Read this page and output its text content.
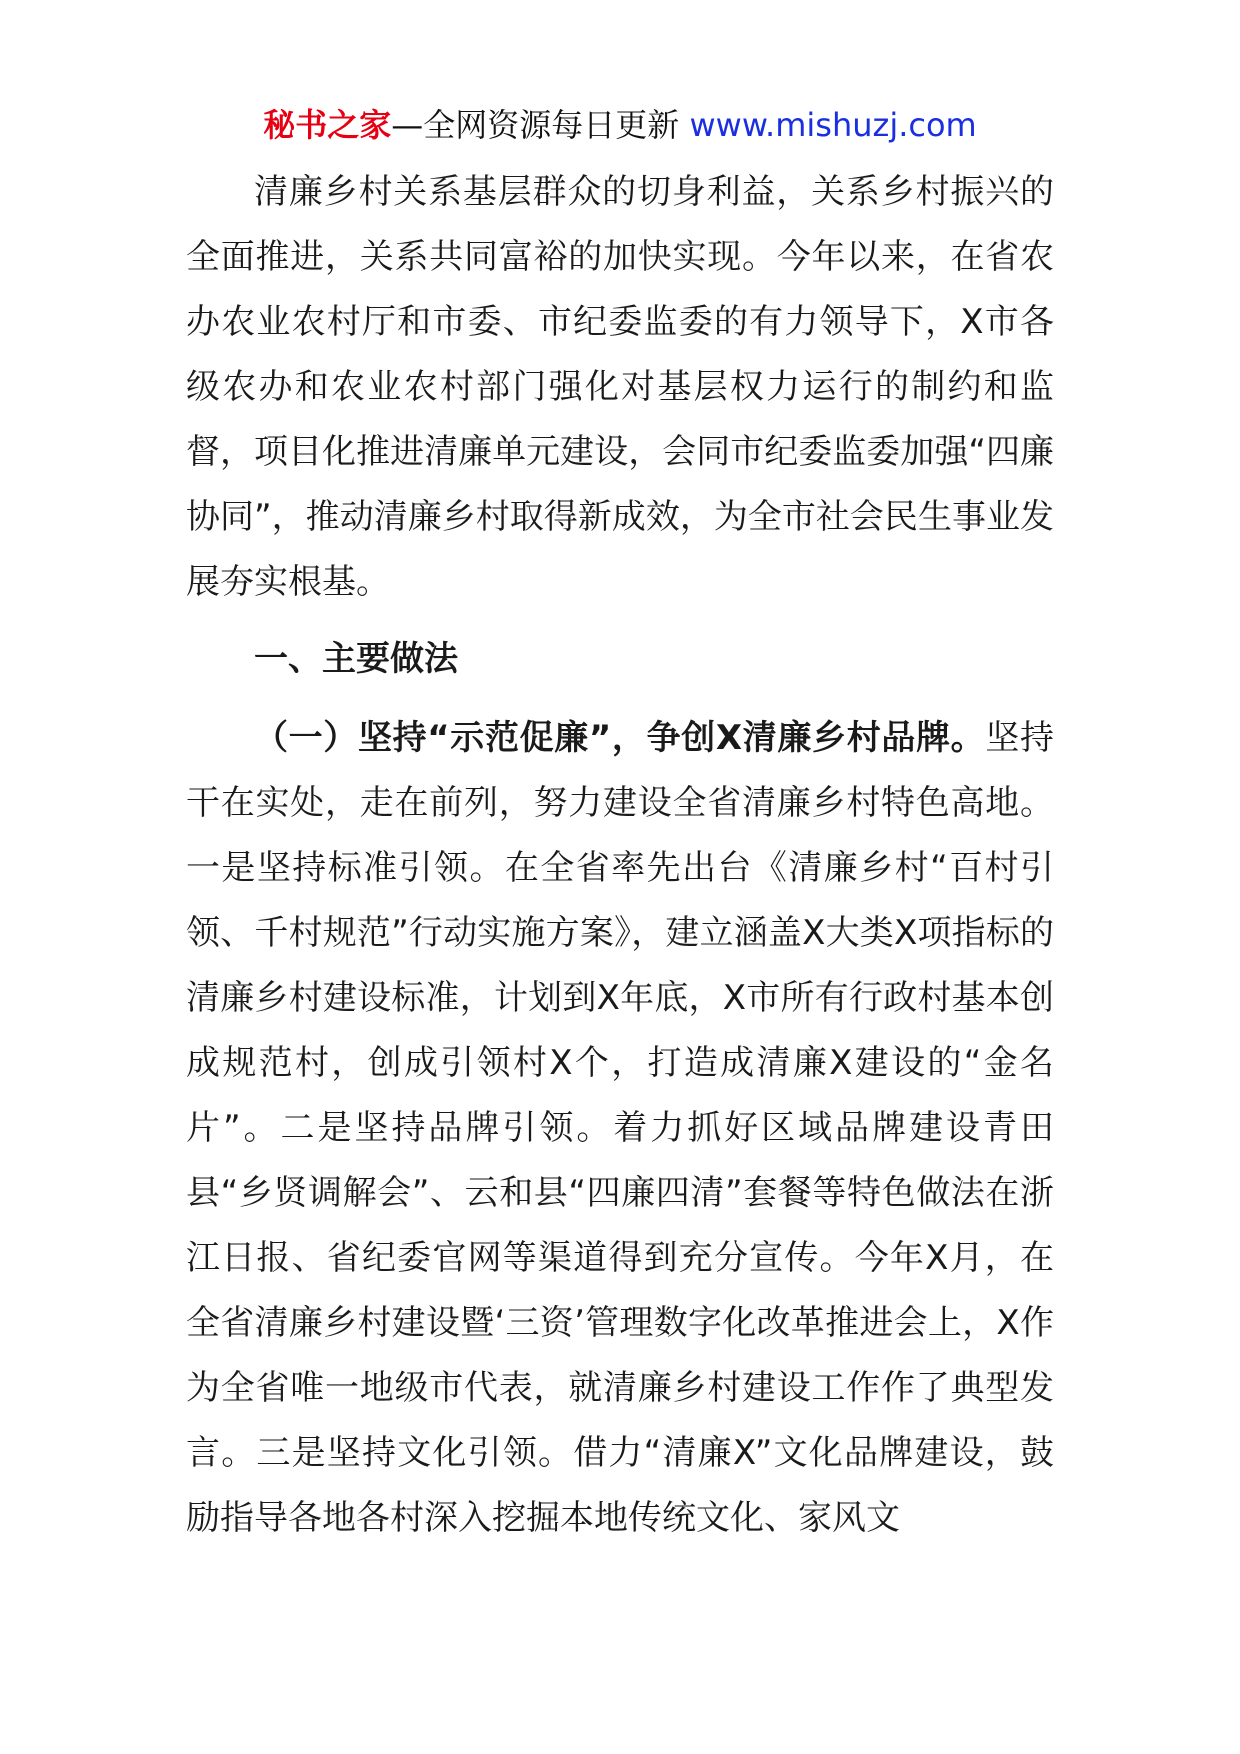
秘书之家—全网资源每日更新 www.mishuzj.com

清廉乡村关系基层群众的切身利益，关系乡村振兴的全面推进，关系共同富裕的加快实现。今年以来，在省农办农业农村厅和市委、市纪委监委的有力领导下，X市各级农办和农业农村部门强化对基层权力运行的制约和监督，项目化推进清廉单元建设，会同市纪委监委加强“四廉协同”，推动清廉乡村取得新成效，为全市社会民生事业发展夯实根基。

一、主要做法

（一）坚持“示范促廉”，争创X清廉乡村品牌。坚持干在实处，走在前列，努力建设全省清廉乡村特色高地。一是坚持标准引领。在全省率先出台《清廉乡村“百村引领、千村规范”行动实施方案》，建立涵盖X大类X项指标的清廉乡村建设标准，计划到X年底，X市所有行政村基本创成规范村，创成引领村X个，打造成清廉X建设的“金名片”。二是坚持品牌引领。着力抓好区域品牌建设青田县“乡贤调解会”、云和县“四廉四清”套餐等特色做法在浙江日报、省纪委官网等渠道得到充分宣传。今年X月，在全省清廉乡村建设暨‘三资’管理数字化改革推进会上，X作为全省唯一地级市代表，就清廉乡村建设工作作了典型发言。三是坚持文化引领。借力“清廉X”文化品牌建设，鼓励指导各地各村深入挖掘本地传统文化、家风文
